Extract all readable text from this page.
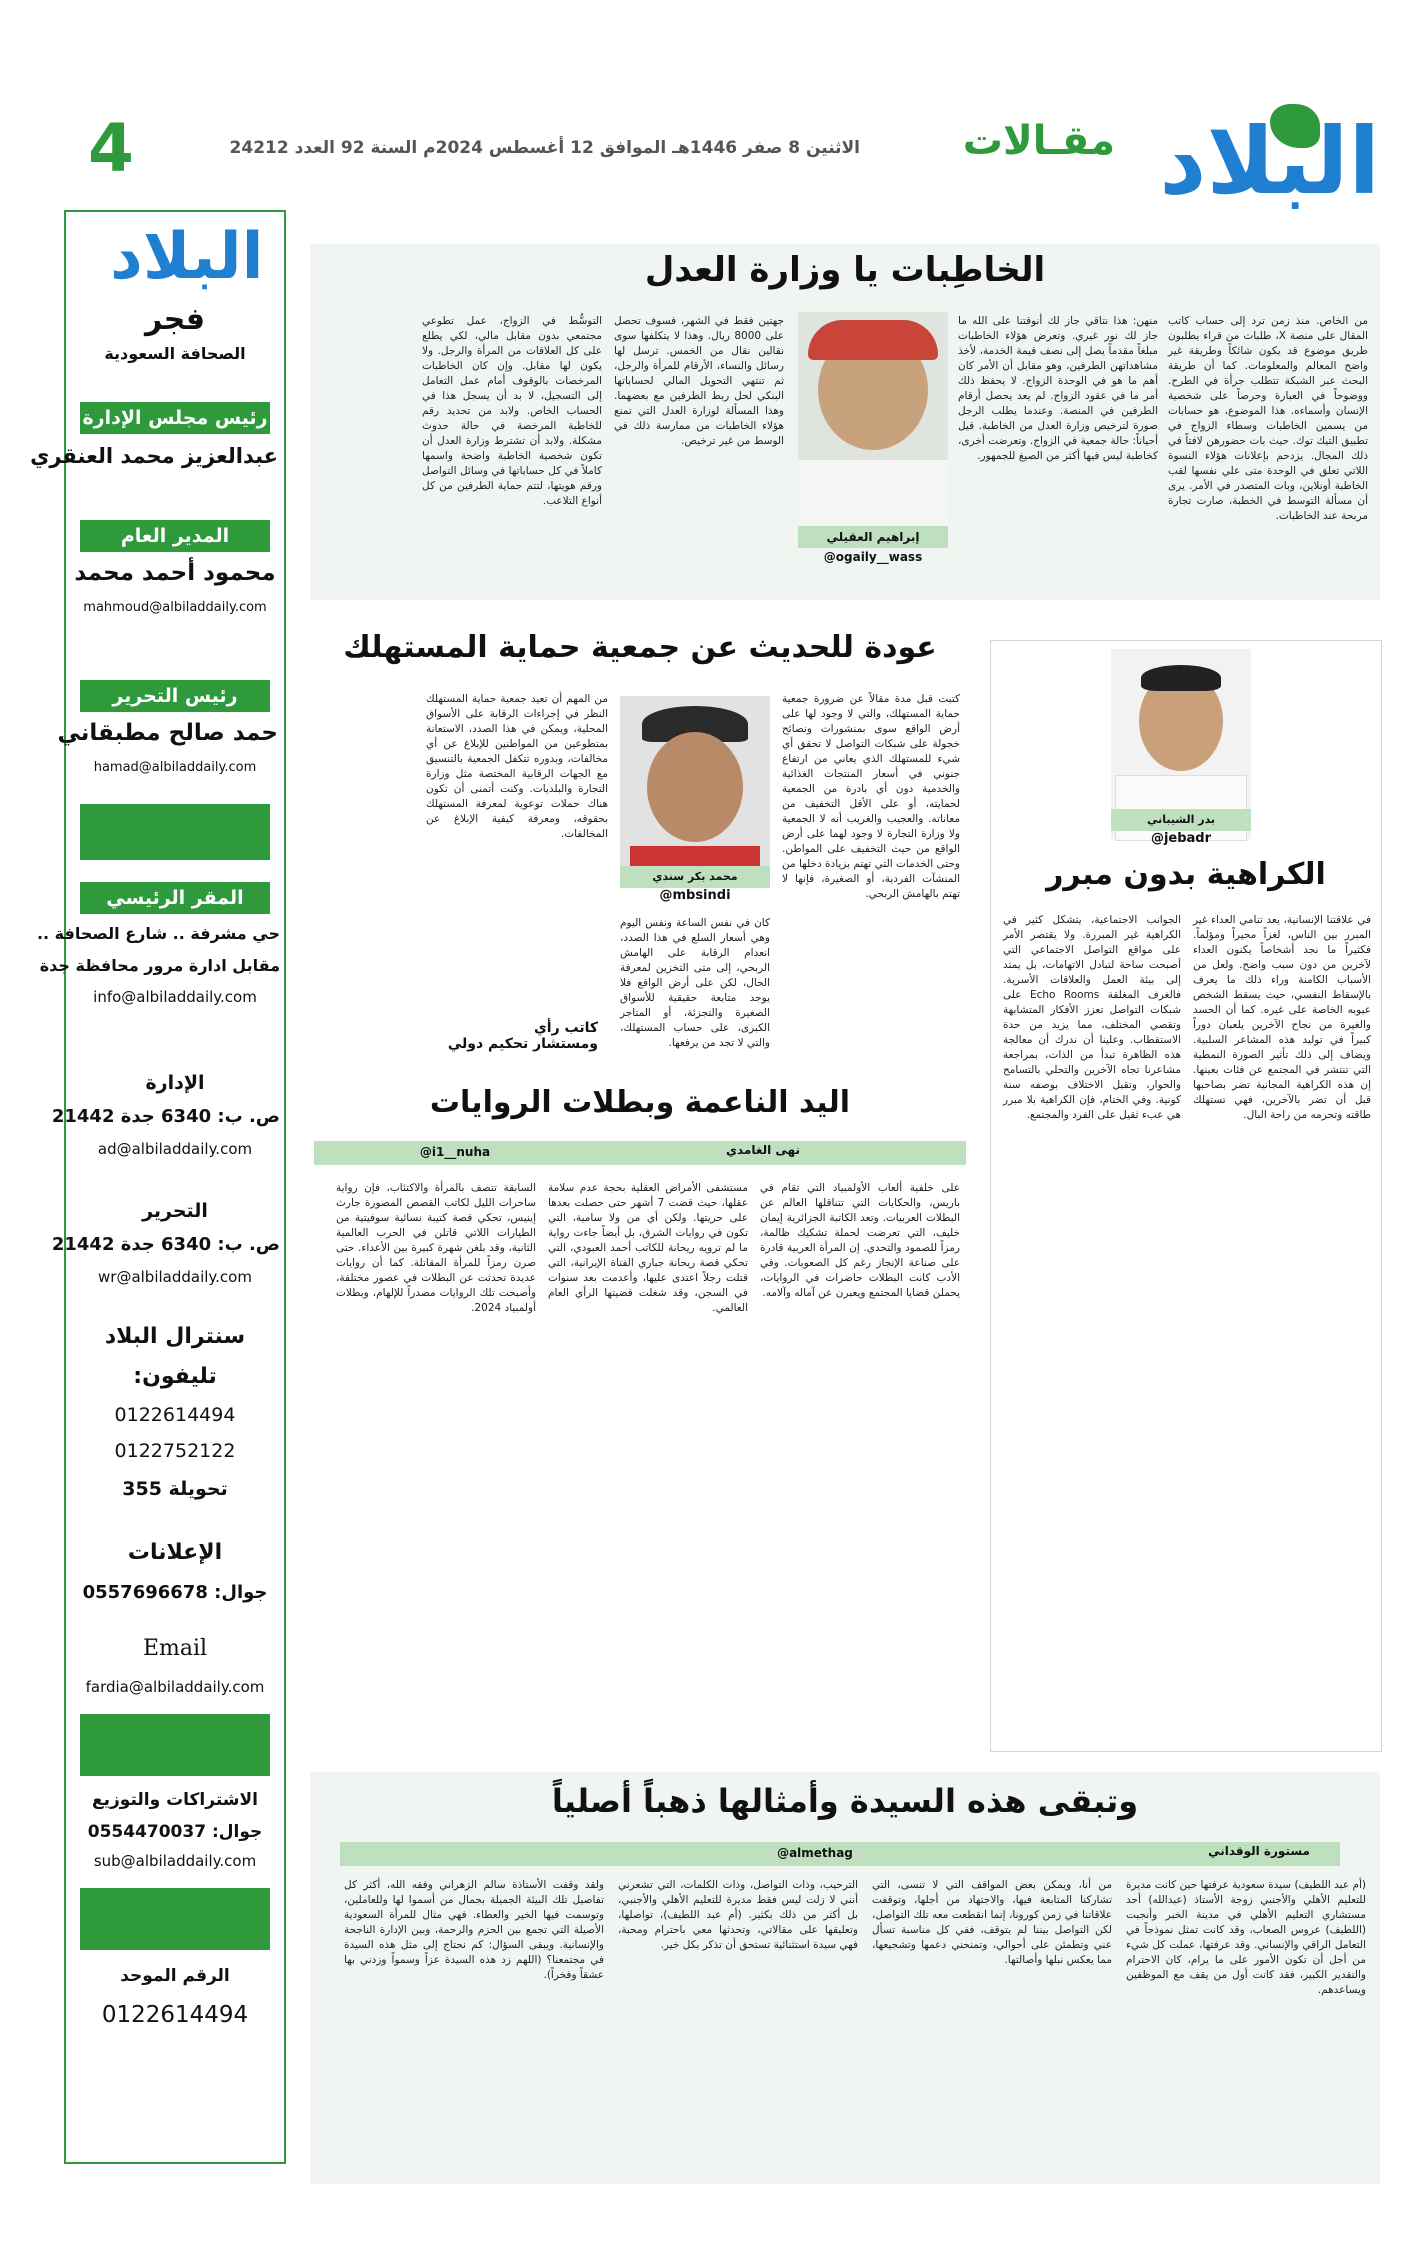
البلاد
مقـالات
الاثنين 8 صفر 1446هـ الموافق 12 أغسطس 2024م السنة 92 العدد 24212
4
البلاد
فجر
الصحافة السعودية
رئيس مجلس الإدارة
عبدالعزيز محمد العنقري
المدير العام
محمود أحمد محمد
mahmoud@albiladdaily.com
رئيس التحرير
حمد صالح مطبقاني
hamad@albiladdaily.com
المقر الرئيسي
حي مشرفة .. شارع الصحافة ..
مقابل ادارة مرور محافظة جدة
info@albiladdaily.com
الإدارة
ص. ب: 6340 جدة 21442
ad@albiladdaily.com
التحرير
ص. ب: 6340 جدة 21442
wr@albiladdaily.com
سنترال البلاد
تليفون:
0122614494
0122752122
تحويلة 355
الإعلانات
جوال: 0557696678
Email
fardia@albiladdaily.com
الاشتراكات والتوزيع
جوال: 0554470037
sub@albiladdaily.com
الرقم الموحد
0122614494
الخاطِبات يا وزارة العدل
من الخاص. منذ زمن ترد إلى حساب كاتب المقال على منصة X، طلبات من قراء يطلبون طريق موضوع قد يكون شائكاً وطريقة غير واضح المعالم والمعلومات. كما أن طريقة البحث عبر الشبكة تتطلب جرأة في الطرح. ووضوحاً في العبارة وحرصاً على شخصية الإنسان وأسماءه. هذا الموضوع، هو حسابات من يسمين الخاطبات وسطاء الزواج في تطبيق التيك توك. حيث بات حضورهن لافتاً في ذلك المجال. يزدحم بإعلانات هؤلاء النسوة اللاتي تعلق في الوحدة متى علي نفسها لقب الخاطبة أونلاين، وبات المتصدر في الأمر. يرى أن مسألة التوسط في الخطبة، صارت تجارة مربحة عند الخاطبات.
منهن: هذا نتاقي جاز لك أنوقتنا على الله ما جاز لك نور غيري. وتعرض هؤلاء الخاطبات مبلغاً مقدماً يصل إلى نصف قيمة الخدمة، لأخذ مشاهداتهن الطرفين، وهو مقابل أن الأمر كان أهم ما هو في الوحدة الزواج. لا يحفظ ذلك أمر ما في عقود الزواج. لم يعد يحصل أرقام الطرفين في المنصة. وعندما يطلب الرجل صورة لترخيص وزارة العدل من الخاطبة. قيل أحياناً: حالة جمعية في الزواج. وتعرضت أخرى، كخاطبة ليس فيها أكثر من الصيغ للجمهور.
إبراهيم العقيلي
@ogaily__wass
جهتين فقط في الشهر، فسوف تحصل على 8000 ريال. وهذا لا يتكلفها سوى نقالين نقال من الخمس. ترسل لها رسائل والنساء، الأرقام للمرأة والرجل، ثم تنتهي التحويل المالي لحساباتها البنكي لحل ربط الطرفين مع بعضهما. وهذا المسألة لوزارة العدل التي تمنع هؤلاء الخاطبات من ممارسة ذلك في الوسط من غير ترخيص.
التوسُّط في الزواج، عمل تطوعي مجتمعي بدون مقابل مالي، لكي يطلع على كل العلاقات من المرأة والرجل. ولا يكون لها مقابل. وإن كان الخاطبات المرخصات بالوقوف أمام عمل التعامل إلى التسجيل، لا بد أن يسجل هذا في الحساب الخاص. ولابد من تحديد رقم للخاطبة المرخصة في حالة حدوث مشكلة. ولابد أن تشترط وزارة العدل أن تكون شخصية الخاطبة واضحة واسمها كاملاً في كل حساباتها في وسائل التواصل ورقم هويتها، لتتم حماية الطرفين من كل أنواع التلاعب.
عودة للحديث عن جمعية حماية المستهلك
كتبت قبل مدة مقالاً عن ضرورة جمعية حماية المستهلك، والتي لا وجود لها على أرض الواقع سوى بمنشورات ونصائح خجولة على شبكات التواصل لا تحقق أي شيء للمستهلك الذي يعاني من ارتفاع جنوني في أسعار المنتجات الغذائية والخدمية دون أي بادرة من الجمعية لحمايته، أو على الأقل التخفيف من معاناته. والعجيب والغريب أنه لا الجمعية ولا وزارة التجارة لا وجود لهما على أرض الواقع من حيث التخفيف على المواطن. وحتى الخدمات التي تهتم بزيادة دخلها من المنشآت الفردية، أو الصغيرة، فإنها لا تهتم بالهامش الربحي.
محمد بكر سندي
@mbsindi
كان في نفس الساعة ونفس اليوم وهي أسعار السلع في هذا الصدد، انعدام الرقابة على الهامش الربحي، إلى متى التخزين لمعرفة الحال، لكن على أرض الواقع فلا يوجد متابعة حقيقية للأسواق الصغيرة والتجزئة، أو المتاجر الكبرى، على حساب المستهلك، والتي لا تجد من يرفعها.
من المهم أن تعيد جمعية حماية المستهلك النظر في إجراءات الرقابة على الأسواق المحلية، ويمكن في هذا الصدد، الاستعانة بمتطوعين من المواطنين للإبلاغ عن أي مخالفات، وبدوره تتكفل الجمعية بالتنسيق مع الجهات الرقابية المختصة مثل وزارة التجارة والبلديات. وكنت أتمنى أن تكون هناك حملات توعوية لمعرفة المستهلك بحقوقه، ومعرفة كيفية الإبلاغ عن المخالفات.
كاتب رأي
ومستشار تحكيم دولي
بدر الشيباني
@jebadr
الكراهية بدون مبرر
في علاقتنا الإنسانية، يعد تنامي العداء غير المبرر بين الناس، لغزاً محيراً ومؤلماً. فكثيراً ما نجد أشخاصاً يكنون العداء لآخرين من دون سبب واضح. ولعل من الأسباب الكامنة وراء ذلك ما يعرف بالإسقاط النفسي، حيث يسقط الشخص عيوبه الخاصة على غيره. كما أن الحسد والغيرة من نجاح الآخرين يلعبان دوراً كبيراً في توليد هذه المشاعر السلبية. ويضاف إلى ذلك تأثير الصورة النمطية التي تنتشر في المجتمع عن فئات بعينها. إن هذه الكراهية المجانية تضر بصاحبها قبل أن تضر بالآخرين، فهي تستهلك طاقته وتحرمه من راحة البال.
الجوانب الاجتماعية، يتشكل كثير في الكراهية غير المبررة. ولا يقتصر الأمر على مواقع التواصل الاجتماعي التي أصبحت ساحة لتبادل الاتهامات، بل يمتد إلى بيئة العمل والعلاقات الأسرية. فالغرف المغلقة Echo Rooms على شبكات التواصل تعزز الأفكار المتشابهة وتقصي المختلف، مما يزيد من حدة الاستقطاب. وعلينا أن ندرك أن معالجة هذه الظاهرة تبدأ من الذات، بمراجعة مشاعرنا تجاه الآخرين والتحلي بالتسامح والحوار، وتقبل الاختلاف بوصفه سنة كونية. وفي الختام، فإن الكراهية بلا مبرر هي عبء ثقيل على الفرد والمجتمع.
اليد الناعمة وبطلات الروايات
نهى الغامدي
@i1__nuha
على خلفية ألعاب الأولمبياد التي تقام في باريس، والحكايات التي تتناقلها العالم عن البطلات العربيات. وتعد الكاتبة الجزائرية إيمان خليف، التي تعرضت لحملة تشكيك ظالمة، رمزاً للصمود والتحدي. إن المرأة العربية قادرة على صناعة الإنجاز رغم كل الصعوبات. وفي الأدب كانت البطلات حاضرات في الروايات، يحملن قضايا المجتمع ويعبرن عن آماله وآلامه.
مستشفى الأمراض العقلية بحجة عدم سلامة عقلها، حيث قضت 7 أشهر حتى حصلت بعدها على حريتها. ولكن أي من ولا سامية، التي تكون في روايات الشرق، بل أيضاً جاءت رواية ما لم ترويه ريحانة للكاتب أحمد العبودي، التي تحكي قصة ريحانة جباري الفتاة الإيرانية، التي قتلت رجلاً اعتدى عليها، وأعدمت بعد سنوات في السجن، وقد شغلت قضيتها الرأي العام العالمي.
السابقة تتصف بالمرأة والاكتئاب، فإن رواية ساحرات الليل لكاتب القصص المصورة جارث إينيس، تحكي قصة كتيبة نسائية سوفيتية من الطيارات اللاتي قاتلن في الحرب العالمية الثانية، وقد بلغن شهرة كبيرة بين الأعداء. حتى صرن رمزاً للمرأة المقاتلة. كما أن روايات عديدة تحدثت عن البطلات في عصور مختلفة، وأصبحت تلك الروايات مصدراً للإلهام، وبطلات أولمبياد 2024.
وتبقى هذه السيدة وأمثالها ذهباً أصلياً
مستورة الوقداني
@almethag
(أم عبد اللطيف) سيدة سعودية عرفتها حين كانت مديرة للتعليم الأهلي والأجنبي زوجة الأستاذ (عبدالله) أحد مستشاري التعليم الأهلي في مدينة الخبر وأنجبت (اللطيف) عروس الصعاب، وقد كانت تمثل نموذجاً في التعامل الراقي والإنساني. وقد عرفتها، عملت كل شيء من أجل أن تكون الأمور على ما يرام، كان الاحترام والتقدير الكبير، فقد كانت أول من يقف مع الموظفين ويساعدهم.
من أنا، ويمكن بعض المواقف التي لا تنسى، التي تشاركنا المتابعة فيها، والاجتهاد من أجلها، وتوقفت علاقاتنا في زمن كورونا، إنما انقطعت معه تلك التواصل، لكن التواصل بيننا لم يتوقف، ففي كل مناسبة تسأل عني وتطمئن على أحوالي، وتمنحني دعمها وتشجيعها، مما يعكس نبلها وأصالتها.
الترحيب، وذات التواصل، وذات الكلمات، التي تشعرني أنني لا زلت ليس فقط مديرة للتعليم الأهلي والأجنبي، بل أكثر من ذلك بكثير. (أم عبد اللطيف)، تواصلها، وتعليقها على مقالاتي، وتحدثها معي باحترام ومحبة، فهي سيدة استثنائية تستحق أن تذكر بكل خير.
ولقد وقفت الأستاذة سالم الزهراني وفقه الله، أكثر كل تفاصيل تلك البيئة الجميلة بجمال من أسموا لها وللعاملين، وتوسمت فيها الخير والعطاء. فهي مثال للمرأة السعودية الأصيلة التي تجمع بين الحزم والرحمة، وبين الإدارة الناجحة والإنسانية. ويبقى السؤال: كم نحتاج إلى مثل هذه السيدة في مجتمعنا؟ (اللهم زد هذه السيدة عزاً وسمواً وزدني بها عشقاً وفخراً).
